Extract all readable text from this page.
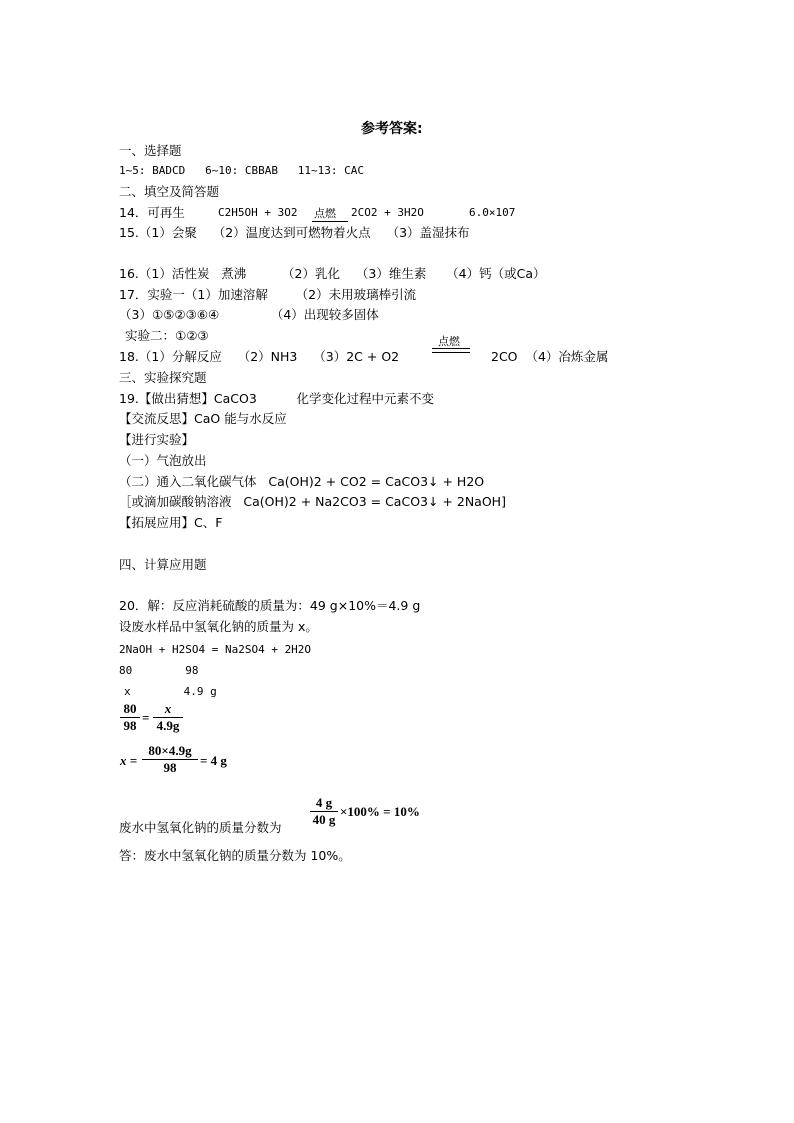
参考答案:
一、选择题
1~5: BADCD   6~10: CBBAB   11~13: CAC
二、填空及简答题
14．可再生	C2H5OH + 3O2 点燃 2CO2 + 3H2O	6.0×107
15.（1）会聚    （2）温度达到可燃物着火点    （3）盖湿抹布
16.（1）活性炭   煮沸         （2）乳化    （3）维生素     （4）钙（或Ca）
17．实验一（1）加速溶解       （2）未用玻璃棒引流
（3）①⑤②③⑥④             （4）出现较多固体
实验二：①②③
18.（1）分解反应    （2）NH3    （3）2C + O2
点燃
2CO  （4）冶炼金属
三、实验探究题
19.【做出猜想】CaCO3          化学变化过程中元素不变
【交流反思】CaO 能与水反应
【进行实验】
（一）气泡放出
（二）通入二氧化碳气体   Ca(OH)2 + CO2 = CaCO3↓ + H2O
［或滴加碳酸钠溶液   Ca(OH)2 + Na2CO3 = CaCO3↓ + 2NaOH]
【拓展应用】C、F
四、计算应用题
20．解：反应消耗硫酸的质量为：49 g×10%＝4.9 g
设废水样品中氢氧化钠的质量为 x。
2NaOH + H2SO4 = Na2SO4 + 2H2O
80        98
x        4.9 g
80
98
=
x
4.9g
x =
80×4.9g
98	= 4 g
废水中氢氧化钠的质量分数为
4 g
40 g
×100% = 10%
答：废水中氢氧化钠的质量分数为 10%。
